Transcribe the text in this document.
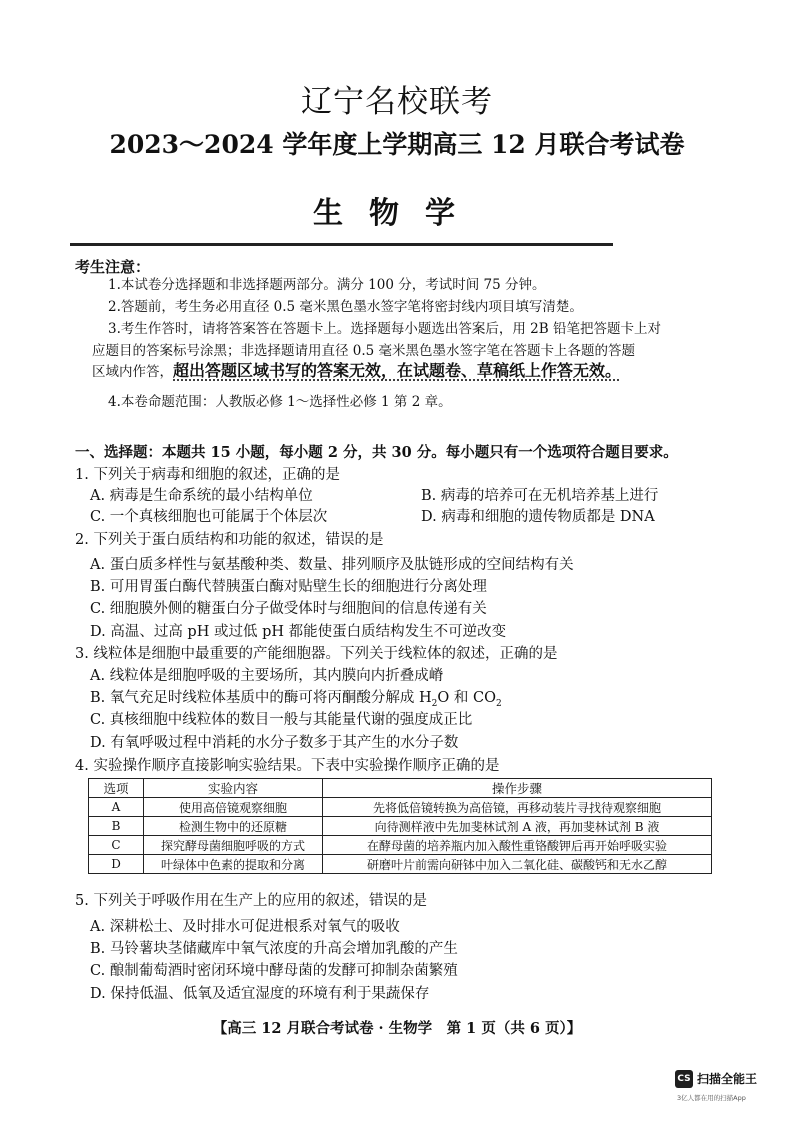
辽宁名校联考
2023～2024 学年度上学期高三 12 月联合考试卷
生物学
考生注意：
1.本试卷分选择题和非选择题两部分。满分 100 分，考试时间 75 分钟。
2.答题前，考生务必用直径 0.5 毫米黑色墨水签字笔将密封线内项目填写清楚。
3.考生作答时，请将答案答在答题卡上。选择题每小题选出答案后，用 2B 铅笔把答题卡上对
应题目的答案标号涂黑；非选择题请用直径 0.5 毫米黑色墨水签字笔在答题卡上各题的答题
区域内作答，超出答题区域书写的答案无效，在试题卷、草稿纸上作答无效。
4.本卷命题范围：人教版必修 1～选择性必修 1 第 2 章。
一、选择题：本题共 15 小题，每小题 2 分，共 30 分。每小题只有一个选项符合题目要求。
1. 下列关于病毒和细胞的叙述，正确的是
A. 病毒是生命系统的最小结构单位	B. 病毒的培养可在无机培养基上进行
C. 一个真核细胞也可能属于个体层次	D. 病毒和细胞的遗传物质都是 DNA
2. 下列关于蛋白质结构和功能的叙述，错误的是
A. 蛋白质多样性与氨基酸种类、数量、排列顺序及肽链形成的空间结构有关
B. 可用胃蛋白酶代替胰蛋白酶对贴壁生长的细胞进行分离处理
C. 细胞膜外侧的糖蛋白分子做受体时与细胞间的信息传递有关
D. 高温、过高 pH 或过低 pH 都能使蛋白质结构发生不可逆改变
3. 线粒体是细胞中最重要的产能细胞器。下列关于线粒体的叙述，正确的是
A. 线粒体是细胞呼吸的主要场所，其内膜向内折叠成嵴
B. 氧气充足时线粒体基质中的酶可将丙酮酸分解成 $H_2O$ 和 $CO_2$
C. 真核细胞中线粒体的数目一般与其能量代谢的强度成正比
D. 有氧呼吸过程中消耗的水分子数多于其产生的水分子数
4. 实验操作顺序直接影响实验结果。下表中实验操作顺序正确的是
选项	实验内容	操作步骤
A	使用高倍镜观察细胞	先将低倍镜转换为高倍镜，再移动装片寻找待观察细胞
B	检测生物中的还原糖	向待测样液中先加斐林试剂 A 液，再加斐林试剂 B 液
C	探究酵母菌细胞呼吸的方式	在酵母菌的培养瓶内加入酸性重铬酸钾后再开始呼吸实验
D	叶绿体中色素的提取和分离	研磨叶片前需向研钵中加入二氧化硅、碳酸钙和无水乙醇
5. 下列关于呼吸作用在生产上的应用的叙述，错误的是
A. 深耕松土、及时排水可促进根系对氧气的吸收
B. 马铃薯块茎储藏库中氧气浓度的升高会增加乳酸的产生
C. 酿制葡萄酒时密闭环境中酵母菌的发酵可抑制杂菌繁殖
D. 保持低温、低氧及适宜湿度的环境有利于果蔬保存
【高三 12 月联合考试卷 · 生物学　第 1 页（共 6 页）】
CS 扫描全能王
3亿人都在用的扫描App
